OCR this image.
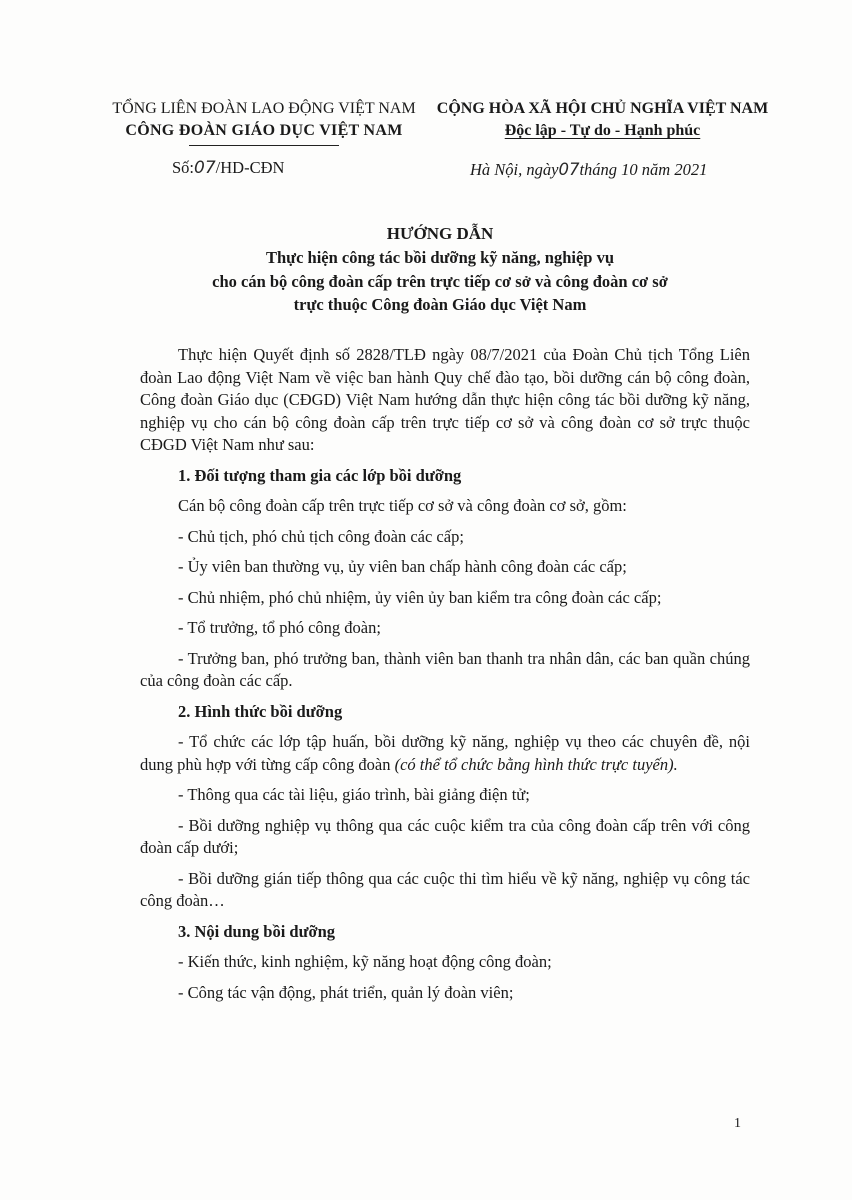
TỔNG LIÊN ĐOÀN LAO ĐỘNG VIỆT NAM
CÔNG ĐOÀN GIÁO DỤC VIỆT NAM
CỘNG HÒA XÃ HỘI CHỦ NGHĨA VIỆT NAM
Độc lập - Tự do - Hạnh phúc
Số:07/HD-CĐN	Hà Nội, ngày07tháng 10 năm 2021
HƯỚNG DẪN
Thực hiện công tác bồi dưỡng kỹ năng, nghiệp vụ
cho cán bộ công đoàn cấp trên trực tiếp cơ sở và công đoàn cơ sở
trực thuộc Công đoàn Giáo dục Việt Nam

Thực hiện Quyết định số 2828/TLĐ ngày 08/7/2021 của Đoàn Chủ tịch Tổng Liên đoàn Lao động Việt Nam về việc ban hành Quy chế đào tạo, bồi dưỡng cán bộ công đoàn, Công đoàn Giáo dục (CĐGD) Việt Nam hướng dẫn thực hiện công tác bồi dưỡng kỹ năng, nghiệp vụ cho cán bộ công đoàn cấp trên trực tiếp cơ sở và công đoàn cơ sở trực thuộc CĐGD Việt Nam như sau:

1. Đối tượng tham gia các lớp bồi dưỡng

Cán bộ công đoàn cấp trên trực tiếp cơ sở và công đoàn cơ sở, gồm:

- Chủ tịch, phó chủ tịch công đoàn các cấp;

- Ủy viên ban thường vụ, ủy viên ban chấp hành công đoàn các cấp;

- Chủ nhiệm, phó chủ nhiệm, ủy viên ủy ban kiểm tra công đoàn các cấp;

- Tổ trưởng, tổ phó công đoàn;

- Trưởng ban, phó trưởng ban, thành viên ban thanh tra nhân dân, các ban quần chúng của công đoàn các cấp.

2. Hình thức bồi dưỡng

- Tổ chức các lớp tập huấn, bồi dưỡng kỹ năng, nghiệp vụ theo các chuyên đề, nội dung phù hợp với từng cấp công đoàn (có thể tổ chức bằng hình thức trực tuyến).

- Thông qua các tài liệu, giáo trình, bài giảng điện tử;

- Bồi dưỡng nghiệp vụ thông qua các cuộc kiểm tra của công đoàn cấp trên với công đoàn cấp dưới;

- Bồi dưỡng gián tiếp thông qua các cuộc thi tìm hiểu về kỹ năng, nghiệp vụ công tác công đoàn…

3. Nội dung bồi dưỡng

- Kiến thức, kinh nghiệm, kỹ năng hoạt động công đoàn;

- Công tác vận động, phát triển, quản lý đoàn viên;

1
